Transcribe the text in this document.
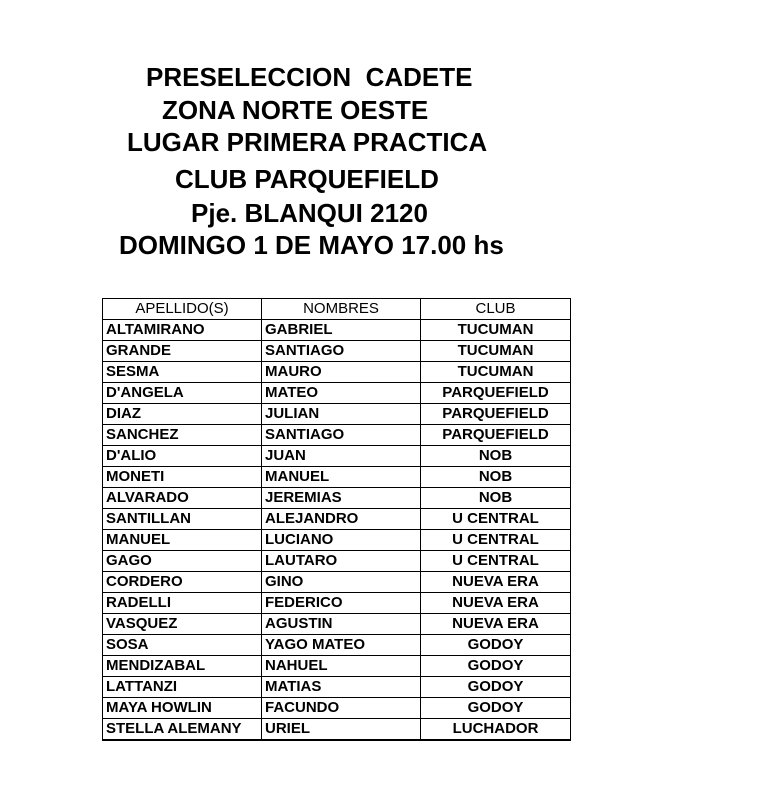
PRESELECCION  CADETE
ZONA NORTE OESTE
LUGAR PRIMERA PRACTICA
CLUB PARQUEFIELD
Pje. BLANQUI 2120
DOMINGO 1 DE MAYO 17.00 hs
APELLIDO(S)	NOMBRES	CLUB
ALTAMIRANO	GABRIEL	TUCUMAN
GRANDE	SANTIAGO	TUCUMAN
SESMA	MAURO	TUCUMAN
D'ANGELA	MATEO	PARQUEFIELD
DIAZ	JULIAN	PARQUEFIELD
SANCHEZ	SANTIAGO	PARQUEFIELD
D'ALIO	JUAN	NOB
MONETI	MANUEL	NOB
ALVARADO	JEREMIAS	NOB
SANTILLAN	ALEJANDRO	U CENTRAL
MANUEL	LUCIANO	U CENTRAL
GAGO	LAUTARO	U CENTRAL
CORDERO	GINO	NUEVA ERA
RADELLI	FEDERICO	NUEVA ERA
VASQUEZ	AGUSTIN	NUEVA ERA
SOSA	YAGO MATEO	GODOY
MENDIZABAL	NAHUEL	GODOY
LATTANZI	MATIAS	GODOY
MAYA HOWLIN	FACUNDO	GODOY
STELLA ALEMANY	URIEL	LUCHADOR
